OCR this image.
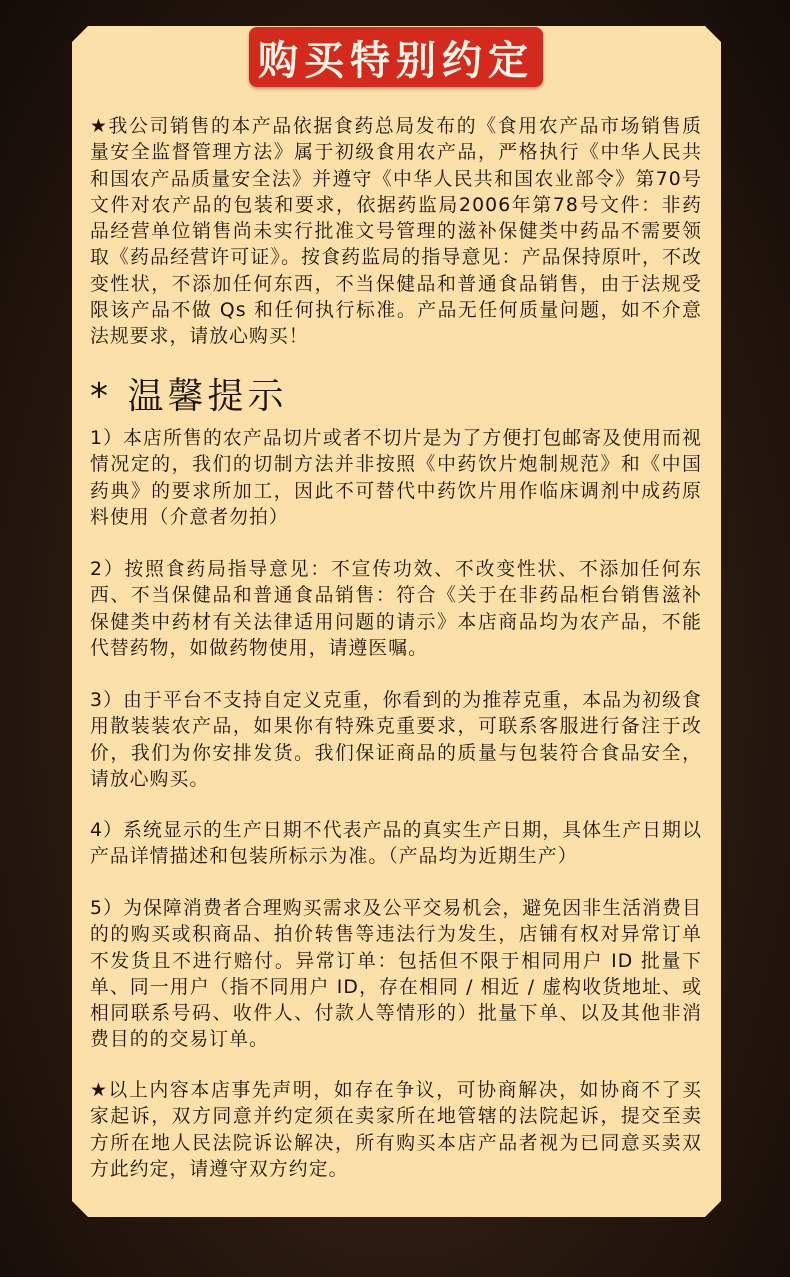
购买特别约定
★我公司销售的本产品依据食药总局发布的《食用农产品市场销售质量安全监督管理方法》属于初级食用农产品，严格执行《中华人民共和国农产品质量安全法》并遵守《中华人民共和国农业部令》第70号文件对农产品的包装和要求，依据药监局2006年第78号文件：非药品经营单位销售尚未实行批准文号管理的滋补保健类中药品不需要领取《药品经营许可证》。按食药监局的指导意见：产品保持原叶，不改变性状，不添加任何东西，不当保健品和普通食品销售，由于法规受限该产品不做 Qs 和任何执行标准。产品无任何质量问题，如不介意法规要求，请放心购买！
* 温馨提示
1）本店所售的农产品切片或者不切片是为了方便打包邮寄及使用而视情况定的，我们的切制方法并非按照《中药饮片炮制规范》和《中国药典》的要求所加工，因此不可替代中药饮片用作临床调剂中成药原料使用（介意者勿拍）
2）按照食药局指导意见：不宣传功效、不改变性状、不添加任何东西、不当保健品和普通食品销售：符合《关于在非药品柜台销售滋补保健类中药材有关法律适用问题的请示》本店商品均为农产品，不能代替药物，如做药物使用，请遵医嘱。
3）由于平台不支持自定义克重，你看到的为推荐克重，本品为初级食用散装装农产品，如果你有特殊克重要求，可联系客服进行备注于改价，我们为你安排发货。我们保证商品的质量与包装符合食品安全，请放心购买。
4）系统显示的生产日期不代表产品的真实生产日期，具体生产日期以产品详情描述和包装所标示为准。（产品均为近期生产）
5）为保障消费者合理购买需求及公平交易机会，避免因非生活消费目的的购买或积商品、拍价转售等违法行为发生，店铺有权对异常订单不发货且不进行赔付。异常订单：包括但不限于相同用户 ID 批量下单、同一用户（指不同用户 ID，存在相同 / 相近 / 虚构收货地址、或相同联系号码、收件人、付款人等情形的）批量下单、以及其他非消费目的的交易订单。
★以上内容本店事先声明，如存在争议，可协商解决，如协商不了买家起诉，双方同意并约定须在卖家所在地管辖的法院起诉，提交至卖方所在地人民法院诉讼解决，所有购买本店产品者视为已同意买卖双方此约定，请遵守双方约定。
